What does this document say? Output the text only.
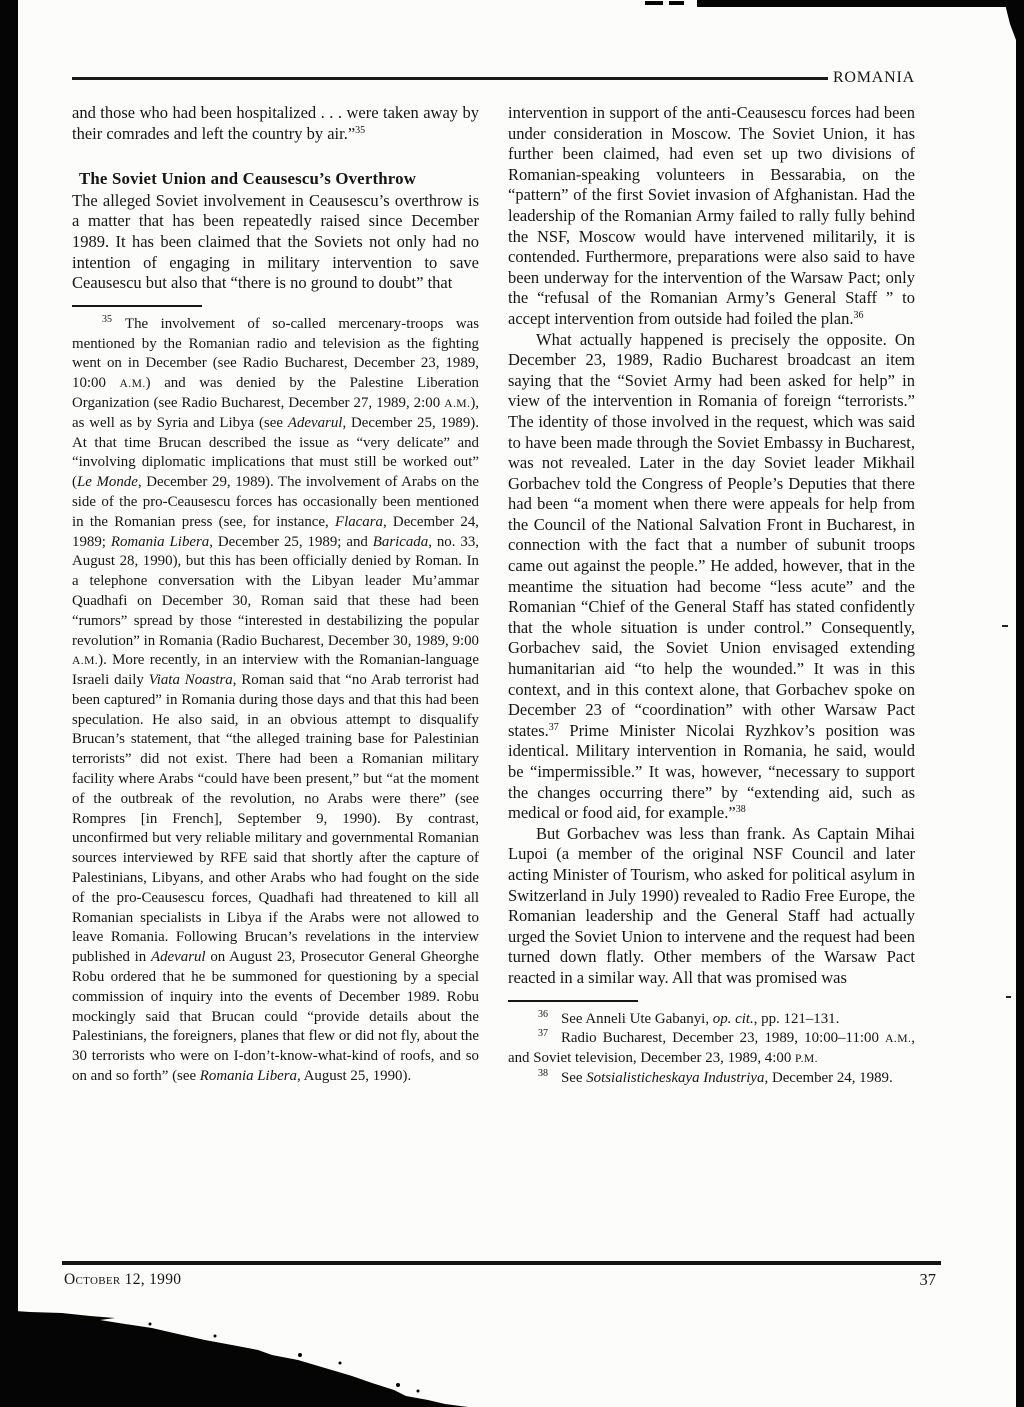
ROMANIA

and those who had been hospitalized . . . were taken away by their comrades and left the country by air.”$^{35}$

The Soviet Union and Ceausescu’s Overthrow

The alleged Soviet involvement in Ceausescu’s overthrow is a matter that has been repeatedly raised since December 1989. It has been claimed that the Soviets not only had no intention of engaging in military intervention to save Ceausescu but also that “there is no ground to doubt” that

$^{35}$ The involvement of so-called mercenary-troops was mentioned by the Romanian radio and television as the fighting went on in December (see Radio Bucharest, December 23, 1989, 10:00 A.M.) and was denied by the Palestine Liberation Organization (see Radio Bucharest, December 27, 1989, 2:00 A.M.), as well as by Syria and Libya (see Adevarul, December 25, 1989). At that time Brucan described the issue as “very delicate” and “involving diplomatic implications that must still be worked out” (Le Monde, December 29, 1989). The involvement of Arabs on the side of the pro-Ceausescu forces has occasionally been mentioned in the Romanian press (see, for instance, Flacara, December 24, 1989; Romania Libera, December 25, 1989; and Baricada, no. 33, August 28, 1990), but this has been officially denied by Roman. In a telephone conversation with the Libyan leader Mu’ammar Quadhafi on December 30, Roman said that these had been “rumors” spread by those “interested in destabilizing the popular revolution” in Romania (Radio Bucharest, December 30, 1989, 9:00 A.M.). More recently, in an interview with the Romanian-language Israeli daily Viata Noastra, Roman said that “no Arab terrorist had been captured” in Romania during those days and that this had been speculation. He also said, in an obvious attempt to disqualify Brucan’s statement, that “the alleged training base for Palestinian terrorists” did not exist. There had been a Romanian military facility where Arabs “could have been present,” but “at the moment of the outbreak of the revolution, no Arabs were there” (see Rompres [in French], September 9, 1990). By contrast, unconfirmed but very reliable military and governmental Romanian sources interviewed by RFE said that shortly after the capture of Palestinians, Libyans, and other Arabs who had fought on the side of the pro-Ceausescu forces, Quadhafi had threatened to kill all Romanian specialists in Libya if the Arabs were not allowed to leave Romania. Following Brucan’s revelations in the interview published in Adevarul on August 23, Prosecutor General Gheorghe Robu ordered that he be summoned for questioning by a special commission of inquiry into the events of December 1989. Robu mockingly said that Brucan could “provide details about the Palestinians, the foreigners, planes that flew or did not fly, about the 30 terrorists who were on I-don’t-know-what-kind of roofs, and so on and so forth” (see Romania Libera, August 25, 1990).

intervention in support of the anti-Ceausescu forces had been under consideration in Moscow. The Soviet Union, it has further been claimed, had even set up two divisions of Romanian-speaking volunteers in Bessarabia, on the “pattern” of the first Soviet invasion of Afghanistan. Had the leadership of the Romanian Army failed to rally fully behind the NSF, Moscow would have intervened militarily, it is contended. Furthermore, preparations were also said to have been underway for the intervention of the Warsaw Pact; only the “refusal of the Romanian Army’s General Staff ” to accept intervention from outside had foiled the plan.$^{36}$

What actually happened is precisely the opposite. On December 23, 1989, Radio Bucharest broadcast an item saying that the “Soviet Army had been asked for help” in view of the intervention in Romania of foreign “terrorists.” The identity of those involved in the request, which was said to have been made through the Soviet Embassy in Bucharest, was not revealed. Later in the day Soviet leader Mikhail Gorbachev told the Congress of People’s Deputies that there had been “a moment when there were appeals for help from the Council of the National Salvation Front in Bucharest, in connection with the fact that a number of subunit troops came out against the people.” He added, however, that in the meantime the situation had become “less acute” and the Romanian “Chief of the General Staff has stated confidently that the whole situation is under control.” Consequently, Gorbachev said, the Soviet Union envisaged extending humanitarian aid “to help the wounded.” It was in this context, and in this context alone, that Gorbachev spoke on December 23 of “coordination” with other Warsaw Pact states.$^{37}$ Prime Minister Nicolai Ryzhkov’s position was identical. Military intervention in Romania, he said, would be “impermissible.” It was, however, “necessary to support the changes occurring there” by “extending aid, such as medical or food aid, for example.”$^{38}$

But Gorbachev was less than frank. As Captain Mihai Lupoi (a member of the original NSF Council and later acting Minister of Tourism, who asked for political asylum in Switzerland in July 1990) revealed to Radio Free Europe, the Romanian leadership and the General Staff had actually urged the Soviet Union to intervene and the request had been turned down flatly. Other members of the Warsaw Pact reacted in a similar way. All that was promised was

$^{36}$ See Anneli Ute Gabanyi, op. cit., pp. 121–131.

$^{37}$ Radio Bucharest, December 23, 1989, 10:00–11:00 A.M., and Soviet television, December 23, 1989, 4:00 P.M.

$^{38}$ See Sotsialisticheskaya Industriya, December 24, 1989.

October 12, 1990	37
